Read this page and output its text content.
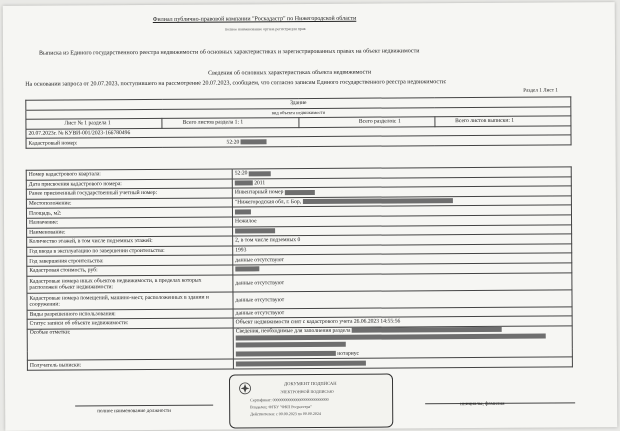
Филиал публично-правовой компании "Роскадастр" по Нижегородской области
полное наименование органа регистрации прав
Выписка из Единого государственного реестра недвижимости об основных характеристиках и зарегистрированных правах на объект недвижимости
Сведения об основных характеристиках объекта недвижимости
На основании запроса от 20.07.2023, поступившего на рассмотрение 20.07.2023, сообщаем, что согласно записям Единого государственного реестра недвижимости:
Раздел 1 Лист 1
Здание			
вид объекта недвижимости			
Лист № 1 раздела 1	Всего листов раздела 1: 1	Всего разделов: 1	Всего листов выписки: 1
20.07.2023г. № КУВИ-001/2023-166780496			
Кадастровый номер:		52:20	
Номер кадастрового квартала:	52:20
Дата присвоения кадастрового номера:	2011
Ранее присвоенный государственный учетный номер:	Инвентарный номер
Местоположение:	"Нижегородская обл, г. Бор,
Площадь, м2:	
Назначение:	Нежилое
Наименование:	
Количество этажей, в том числе подземных этажей:	2, в том числе подземных 0
Год ввода в эксплуатацию по завершении строительства:	1993
Год завершения строительства:	данные отсутствуют
Кадастровая стоимость, руб:	
Кадастровые номера иных объектов недвижимости, в пределах которых расположен объект недвижимости:	данные отсутствуют
Кадастровые номера помещений, машино-мест, расположенных в здании и сооружении:	данные отсутствуют
Виды разрешенного использования:	данные отсутствуют
Статус записи об объекте недвижимости:	Объект недвижимости снят с кадастрового учета 26.06.2023 14:55:56
Особые отметки:	Сведения, необходимые для заполнения раздела

	нотариус
Получатель выписки:	
ДОКУМЕНТ ПОДПИСАН
ЭЛЕКТРОННОЙ ПОДПИСЬЮ
Сертификат: 0000000000000000000000000000
Владелец: ФГБУ "ФКП Росреестра"
Действителен: с 00.00.2023 по 00.00.2024
полное наименование должности
инициалы, фамилия
